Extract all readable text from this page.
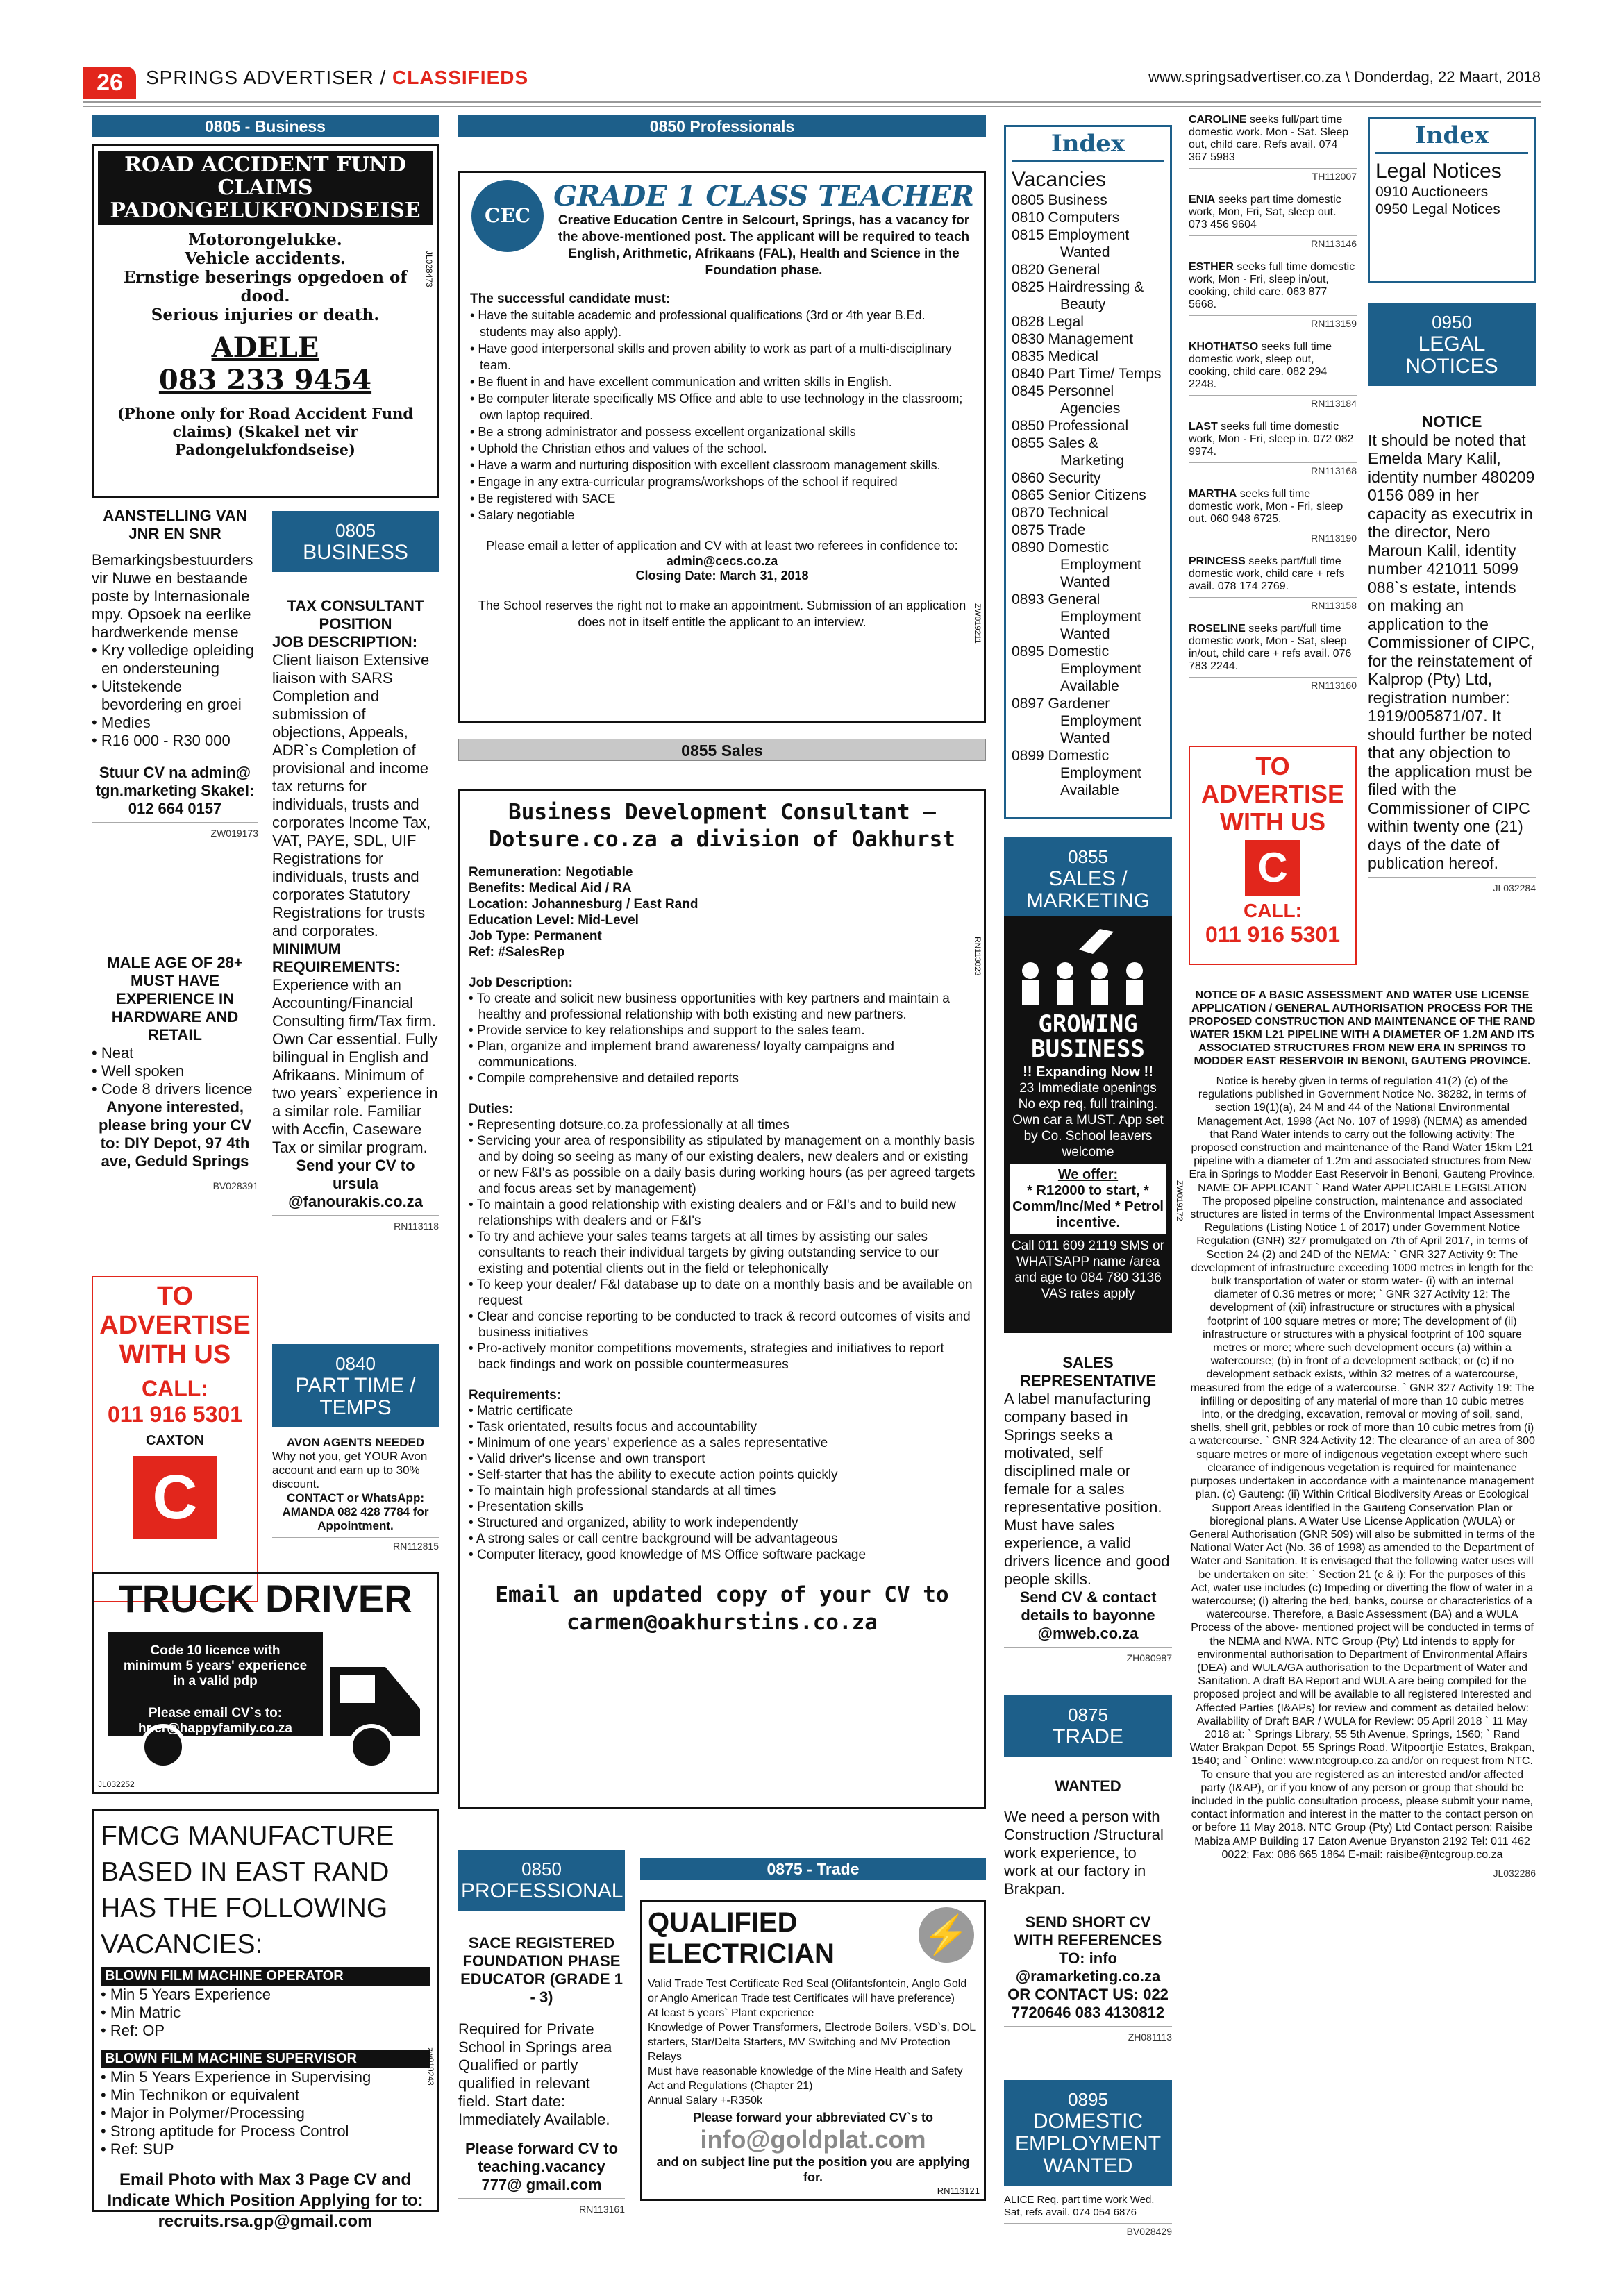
26	SPRINGS ADVERTISER / CLASSIFIEDS	www.springsadvertiser.co.za \ Donderdag, 22 Maart, 2018
0805 - Business
ROAD ACCIDENT FUND CLAIMS PADONGELUKFONDSEISE
Motorongelukke.
Vehicle accidents.
Ernstige beserings opgedoen of dood.
Serious injuries or death.
ADELE
083 233 9454
(Phone only for Road Accident Fund claims) (Skakel net vir Padongelukfondseise)
JL028473
AANSTELLING VAN JNR EN SNR
Bemarkingsbestuurders vir Nuwe en bestaande poste by Internasionale mpy. Opsoek na eerlike hardwerkende mense
• Kry volledige opleiding en ondersteuning
• Uitstekende bevordering en groei
• Medies
• R16 000 - R30 000
Stuur CV na admin@ tgn.marketing Skakel: 012 664 0157
ZW019173
MALE AGE OF 28+ MUST HAVE EXPERIENCE IN HARDWARE AND RETAIL
• Neat
• Well spoken
• Code 8 drivers licence
Anyone interested, please bring your CV to: DIY Depot, 97 4th ave, Geduld Springs
BV028391
TO ADVERTISE WITH US
CALL:
011 916 5301
CAXTON
C
0805
BUSINESS
TAX CONSULTANT POSITION
JOB DESCRIPTION:
Client liaison Extensive liaison with SARS Completion and submission of objections, Appeals, ADR`s Completion of provisional and income tax returns for individuals, trusts and corporates Income Tax, VAT, PAYE, SDL, UIF Registrations for individuals, trusts and corporates Statutory Registrations for trusts and corporates.
MINIMUM REQUIREMENTS:
Experience with an Accounting/Financial Consulting firm/Tax firm. Own Car essential. Fully bilingual in English and Afrikaans. Minimum of two years` experience in a similar role. Familiar with Accfin, Caseware Tax or similar program.
Send your CV to ursula @fanourakis.co.za
RN113118
0840
PART TIME / TEMPS
AVON AGENTS NEEDED
Why not you, get YOUR Avon account and earn up to 30% discount.
CONTACT or WhatsApp: AMANDA 082 428 7784 for Appointment.
RN112815
TRUCK DRIVER
Code 10 licence with minimum 5 years' experience in a valid pdp
Please email CV`s to: hr.er@happyfamily.co.za
JL032252
FMCG MANUFACTURE BASED IN EAST RAND HAS THE FOLLOWING VACANCIES:
BLOWN FILM MACHINE OPERATOR
• Min 5 Years Experience
• Min Matric
• Ref: OP
BLOWN FILM MACHINE SUPERVISOR
• Min 5 Years Experience in Supervising
• Min Technikon or equivalent
• Major in Polymer/Processing
• Strong aptitude for Process Control
• Ref: SUP
Email Photo with Max 3 Page CV and Indicate Which Position Applying for to: recruits.rsa.gp@gmail.com
zw019243
0850 Professionals
CEC
GRADE 1 CLASS TEACHER
Creative Education Centre in Selcourt, Springs, has a vacancy for the above-mentioned post. The applicant will be required to teach English, Arithmetic, Afrikaans (FAL), Health and Science in the Foundation phase.
The successful candidate must:
• Have the suitable academic and professional qualifications (3rd or 4th year B.Ed. students may also apply).
• Have good interpersonal skills and proven ability to work as part of a multi-disciplinary team.
• Be fluent in and have excellent communication and written skills in English.
• Be computer literate specifically MS Office and able to use technology in the classroom; own laptop required.
• Be a strong administrator and possess excellent organizational skills
• Uphold the Christian ethos and values of the school.
• Have a warm and nurturing disposition with excellent classroom management skills.
• Engage in any extra-curricular programs/workshops of the school if required
• Be registered with SACE
• Salary negotiable
Please email a letter of application and CV with at least two referees in confidence to:
admin@cecs.co.za
Closing Date: March 31, 2018
The School reserves the right not to make an appointment. Submission of an application does not in itself entitle the applicant to an interview.	ZW019211
0855 Sales
Business Development Consultant – Dotsure.co.za a division of Oakhurst
Remuneration: Negotiable
Benefits: Medical Aid / RA
Location: Johannesburg / East Rand
Education Level: Mid-Level
Job Type: Permanent
Ref: #SalesRep
Job Description:
• To create and solicit new business opportunities with key partners and maintain a healthy and professional relationship with both existing and new partners.
• Provide service to key relationships and support to the sales team.
• Plan, organize and implement brand awareness/ loyalty campaigns and communications.
• Compile comprehensive and detailed reports
Duties:
• Representing dotsure.co.za professionally at all times
• Servicing your area of responsibility as stipulated by management on a monthly basis and by doing so seeing as many of our existing dealers, new dealers and or existing or new F&I's as possible on a daily basis during working hours (as per agreed targets and focus areas set by management)
• To maintain a good relationship with existing dealers and or F&I's and to build new relationships with dealers and or F&I's
• To try and achieve your sales teams targets at all times by assisting our sales consultants to reach their individual targets by giving outstanding service to our existing and potential clients out in the field or telephonically
• To keep your dealer/ F&I database up to date on a monthly basis and be available on request
• Clear and concise reporting to be conducted to track & record outcomes of visits and business initiatives
• Pro-actively monitor competitions movements, strategies and initiatives to report back findings and work on possible countermeasures
Requirements:
• Matric certificate
• Task orientated, results focus and accountability
• Minimum of one years' experience as a sales representative
• Valid driver's license and own transport
• Self-starter that has the ability to execute action points quickly
• To maintain high professional standards at all times
• Presentation skills
• Structured and organized, ability to work independently
• A strong sales or call centre background will be advantageous
• Computer literacy, good knowledge of MS Office software package
Email an updated copy of your CV to carmen@oakhurstins.co.za
RN113023
0850
PROFESSIONAL
SACE REGISTERED FOUNDATION PHASE EDUCATOR (GRADE 1 - 3)
Required for Private School in Springs area Qualified or partly qualified in relevant field. Start date: Immediately Available.
Please forward CV to teaching.vacancy 777@ gmail.com
RN113161
0875 - Trade
QUALIFIED ELECTRICIAN	⚡
Valid Trade Test Certificate Red Seal (Olifantsfontein, Anglo Gold or Anglo American Trade test Certificates will have preference)
At least 5 years` Plant experience
Knowledge of Power Transformers, Electrode Boilers, VSD`s, DOL starters, Star/Delta Starters, MV Switching and MV Protection Relays
Must have reasonable knowledge of the Mine Health and Safety Act and Regulations (Chapter 21)
Annual Salary +-R350k
Please forward your abbreviated CV`s to
info@goldplat.com
and on subject line put the position you are applying for.
RN113121
Index
Vacancies
0805 Business
0810 Computers
0815 Employment
Wanted
0820 General
0825 Hairdressing &
Beauty
0828 Legal
0830 Management
0835 Medical
0840 Part Time/ Temps
0845 Personnel
Agencies
0850 Professional
0855 Sales &
Marketing
0860 Security
0865 Senior Citizens
0870 Technical
0875 Trade
0890 Domestic
Employment
Wanted
0893 General
Employment
Wanted
0895 Domestic
Employment
Available
0897 Gardener
Employment
Wanted
0899 Domestic
Employment
Available
0855
SALES / MARKETING
GROWING BUSINESS
!! Expanding Now !!
23 Immediate openings No exp req, full training. Own car a MUST. App set by Co. School leavers welcome
We offer:
* R12000 to start, * Comm/Inc/Med * Petrol incentive.
Call 011 609 2119 SMS or WHATSAPP name /area and age to 084 780 3136 VAS rates apply
ZW019172
SALES REPRESENTATIVE
A label manufacturing company based in Springs seeks a motivated, self disciplined male or female for a sales representative position. Must have sales experience, a valid drivers licence and good people skills.
Send CV & contact details to bayonne @mweb.co.za
ZH080987
0875
TRADE
WANTED
We need a person with Construction /Structural work experience, to work at our factory in Brakpan.
SEND SHORT CV WITH REFERENCES TO: info @ramarketing.co.za OR CONTACT US: 022 7720646 083 4130812
ZH081113
0895
DOMESTIC EMPLOYMENT WANTED
ALICE Req. part time work Wed, Sat, refs avail. 074 054 6876
BV028429
CAROLINE seeks full/part time domestic work. Mon - Sat. Sleep out, child care. Refs avail. 074 367 5983
TH112007
ENIA seeks part time domestic work, Mon, Fri, Sat, sleep out. 073 456 9604
RN113146
ESTHER seeks full time domestic work, Mon - Fri, sleep in/out, cooking, child care. 063 877 5668.
RN113159
KHOTHATSO seeks full time domestic work, sleep out, cooking, child care. 082 294 2248.
RN113184
LAST seeks full time domestic work, Mon - Fri, sleep in. 072 082 9974.
RN113168
MARTHA seeks full time domestic work, Mon - Fri, sleep out. 060 948 6725.
RN113190
PRINCESS seeks part/full time domestic work, child care + refs avail. 078 174 2769.
RN113158
ROSELINE seeks part/full time domestic work, Mon - Sat, sleep in/out, child care + refs avail. 076 783 2244.
RN113160
TO ADVERTISE WITH US
C
CALL:
011 916 5301
NOTICE OF A BASIC ASSESSMENT AND WATER USE LICENSE APPLICATION / GENERAL AUTHORISATION PROCESS FOR THE PROPOSED CONSTRUCTION AND MAINTENANCE OF THE RAND WATER 15KM L21 PIPELINE WITH A DIAMETER OF 1.2M AND ITS ASSOCIATED STRUCTURES FROM NEW ERA IN SPRINGS TO MODDER EAST RESERVOIR IN BENONI, GAUTENG PROVINCE.
Notice is hereby given in terms of regulation 41(2) (c) of the regulations published in Government Notice No. 38282, in terms of section 19(1)(a), 24 M and 44 of the National Environmental Management Act, 1998 (Act No. 107 of 1998) (NEMA) as amended that Rand Water intends to carry out the following activity: The proposed construction and maintenance of the Rand Water 15km L21 pipeline with a diameter of 1.2m and associated structures from New Era in Springs to Modder East Reservoir in Benoni, Gauteng Province. NAME OF APPLICANT ` Rand Water APPLICABLE LEGISLATION The proposed pipeline construction, maintenance and associated structures are listed in terms of the Environmental Impact Assessment Regulations (Listing Notice 1 of 2017) under Government Notice Regulation (GNR) 327 promulgated on 7th of April 2017, in terms of Section 24 (2) and 24D of the NEMA: ` GNR 327 Activity 9: The development of infrastructure exceeding 1000 metres in length for the bulk transportation of water or storm water- (i) with an internal diameter of 0.36 metres or more; ` GNR 327 Activity 12: The development of (xii) infrastructure or structures with a physical footprint of 100 square metres or more; The development of (ii) infrastructure or structures with a physical footprint of 100 square metres or more; where such development occurs (a) within a watercourse; (b) in front of a development setback; or (c) if no development setback exists, within 32 metres of a watercourse, measured from the edge of a watercourse. ` GNR 327 Activity 19: The infilling or depositing of any material of more than 10 cubic metres into, or the dredging, excavation, removal or moving of soil, sand, shells, shell grit, pebbles or rock of more than 10 cubic metres from (i) a watercourse. ` GNR 324 Activity 12: The clearance of an area of 300 square metres or more of indigenous vegetation except where such clearance of indigenous vegetation is required for maintenance purposes undertaken in accordance with a maintenance management plan. (c) Gauteng: (ii) Within Critical Biodiversity Areas or Ecological Support Areas identified in the Gauteng Conservation Plan or bioregional plans. A Water Use License Application (WULA) or General Authorisation (GNR 509) will also be submitted in terms of the National Water Act (No. 36 of 1998) as amended to the Department of Water and Sanitation. It is envisaged that the following water uses will be undertaken on site: ` Section 21 (c & i): For the purposes of this Act, water use includes (c) Impeding or diverting the flow of water in a watercourse; (i) altering the bed, banks, course or characteristics of a watercourse. Therefore, a Basic Assessment (BA) and a WULA Process of the above- mentioned project will be conducted in terms of the NEMA and NWA. NTC Group (Pty) Ltd intends to apply for environmental authorisation to Department of Environmental Affairs (DEA) and WULA/GA authorisation to the Department of Water and Sanitation. A draft BA Report and WULA are being compiled for the proposed project and will be available to all registered Interested and Affected Parties (I&APs) for review and comment as detailed below: Availability of Draft BAR / WULA for Review: 05 April 2018 ` 11 May 2018 at: ` Springs Library, 55 5th Avenue, Springs, 1560; ` Rand Water Brakpan Depot, 55 Springs Road, Witpoortjie Estates, Brakpan, 1540; and ` Online: www.ntcgroup.co.za and/or on request from NTC. To ensure that you are registered as an interested and/or affected party (I&AP), or if you know of any person or group that should be included in the public consultation process, please submit your name, contact information and interest in the matter to the contact person on or before 11 May 2018. NTC Group (Pty) Ltd Contact person: Raisibe Mabiza AMP Building 17 Eaton Avenue Bryanston 2192 Tel: 011 462 0022; Fax: 086 665 1864 E-mail: raisibe@ntcgroup.co.za
JL032286
Index
Legal Notices
0910 Auctioneers
0950 Legal Notices
0950
LEGAL NOTICES
NOTICE
It should be noted that Emelda Mary Kalil, identity number 480209 0156 089 in her capacity as executrix in the director, Nero Maroun Kalil, identity number 421011 5099 088`s estate, intends on making an application to the Commissioner of CIPC, for the reinstatement of Kalprop (Pty) Ltd, registration number: 1919/005871/07. It should further be noted that any objection to the application must be filed with the Commissioner of CIPC within twenty one (21) days of the date of publication hereof.
JL032284
